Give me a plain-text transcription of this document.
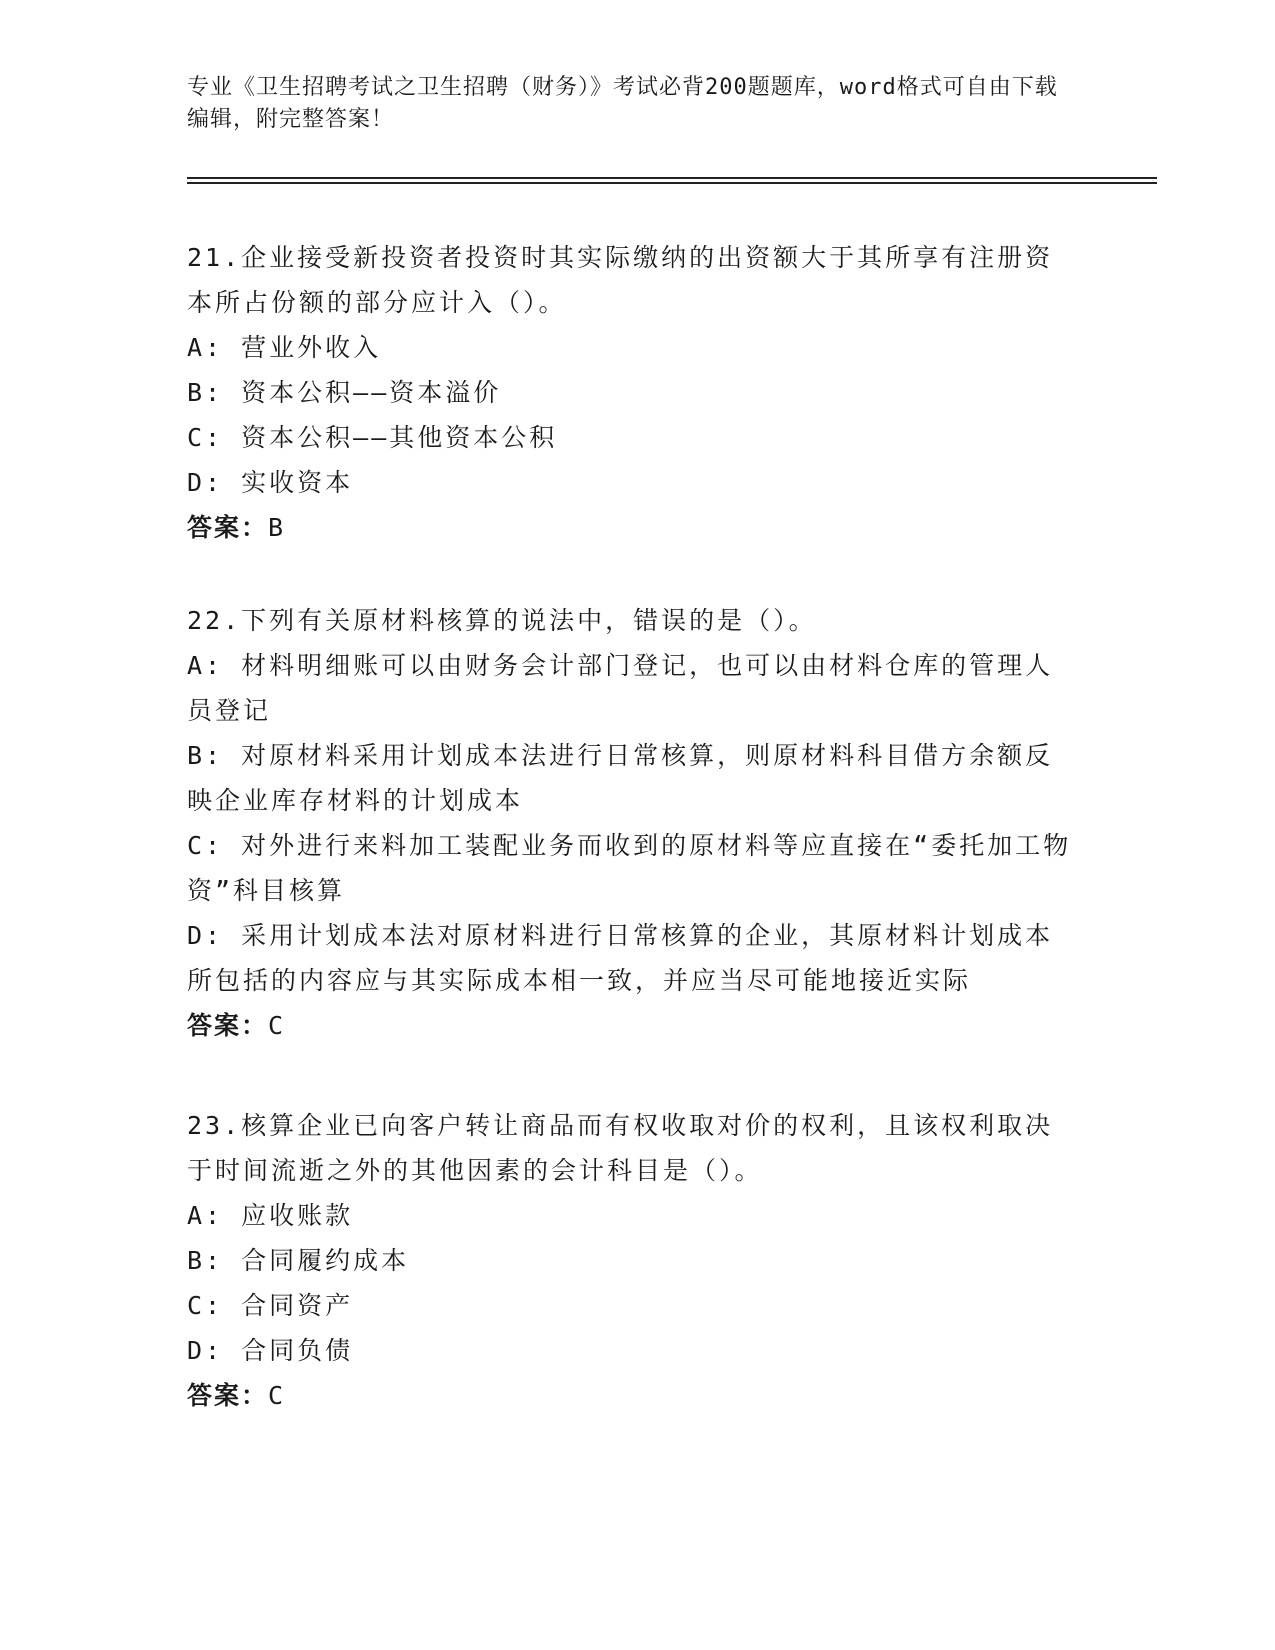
专业《卫生招聘考试之卫生招聘（财务）》考试必背200题题库，word格式可自由下载编辑，附完整答案！

21.企业接受新投资者投资时其实际缴纳的出资额大于其所享有注册资本所占份额的部分应计入（）。

A: 营业外收入

B: 资本公积——资本溢价

C: 资本公积——其他资本公积

D: 实收资本

答案：B

22.下列有关原材料核算的说法中，错误的是（）。

A: 材料明细账可以由财务会计部门登记，也可以由材料仓库的管理人员登记

B: 对原材料采用计划成本法进行日常核算，则原材料科目借方余额反映企业库存材料的计划成本

C: 对外进行来料加工装配业务而收到的原材料等应直接在“委托加工物资”科目核算

D: 采用计划成本法对原材料进行日常核算的企业，其原材料计划成本所包括的内容应与其实际成本相一致，并应当尽可能地接近实际

答案：C

23.核算企业已向客户转让商品而有权收取对价的权利，且该权利取决于时间流逝之外的其他因素的会计科目是（）。

A: 应收账款

B: 合同履约成本

C: 合同资产

D: 合同负债

答案：C
